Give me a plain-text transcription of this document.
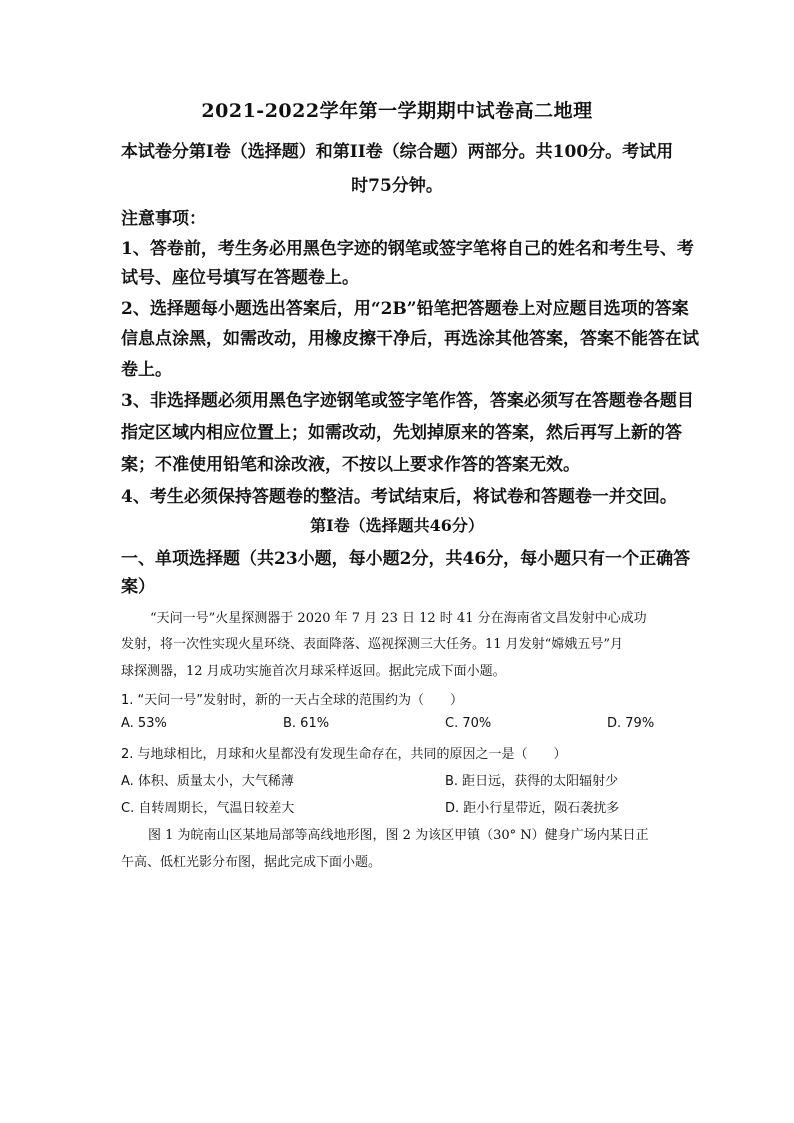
2021-2022学年第一学期期中试卷高二地理
本试卷分第I卷（选择题）和第II卷（综合题）两部分。共100分。考试用
时75分钟。
注意事项：
1、答卷前，考生务必用黑色字迹的钢笔或签字笔将自己的姓名和考生号、考
试号、座位号填写在答题卷上。
2、选择题每小题选出答案后，用“2B”铅笔把答题卷上对应题目选项的答案
信息点涂黑，如需改动，用橡皮擦干净后，再选涂其他答案，答案不能答在试
卷上。
3、非选择题必须用黑色字迹钢笔或签字笔作答，答案必须写在答题卷各题目
指定区域内相应位置上；如需改动，先划掉原来的答案，然后再写上新的答
案；不准使用铅笔和涂改液，不按以上要求作答的答案无效。
4、考生必须保持答题卷的整洁。考试结束后，将试卷和答题卷一并交回。
第I卷（选择题共46分）
一、单项选择题（共23小题，每小题2分，共46分，每小题只有一个正确答
案）
“天问一号”火星探测器于 2020 年 7 月 23 日 12 时 41 分在海南省文昌发射中心成功
发射，将一次性实现火星环绕、表面降落、巡视探测三大任务。11 月发射“嫦娥五号”月
球探测器，12 月成功实施首次月球采样返回。据此完成下面小题。
1. “天问一号”发射时，新的一天占全球的范围约为（　　）
A. 53%	B. 61%	C. 70%	D. 79%
2. 与地球相比，月球和火星都没有发现生命存在，共同的原因之一是（　　）
A. 体积、质量太小，大气稀薄	B. 距日远，获得的太阳辐射少
C. 自转周期长，气温日较差大	D. 距小行星带近，陨石袭扰多
图 1 为皖南山区某地局部等高线地形图，图 2 为该区甲镇（30° N）健身广场内某日正
午高、低杠光影分布图，据此完成下面小题。
